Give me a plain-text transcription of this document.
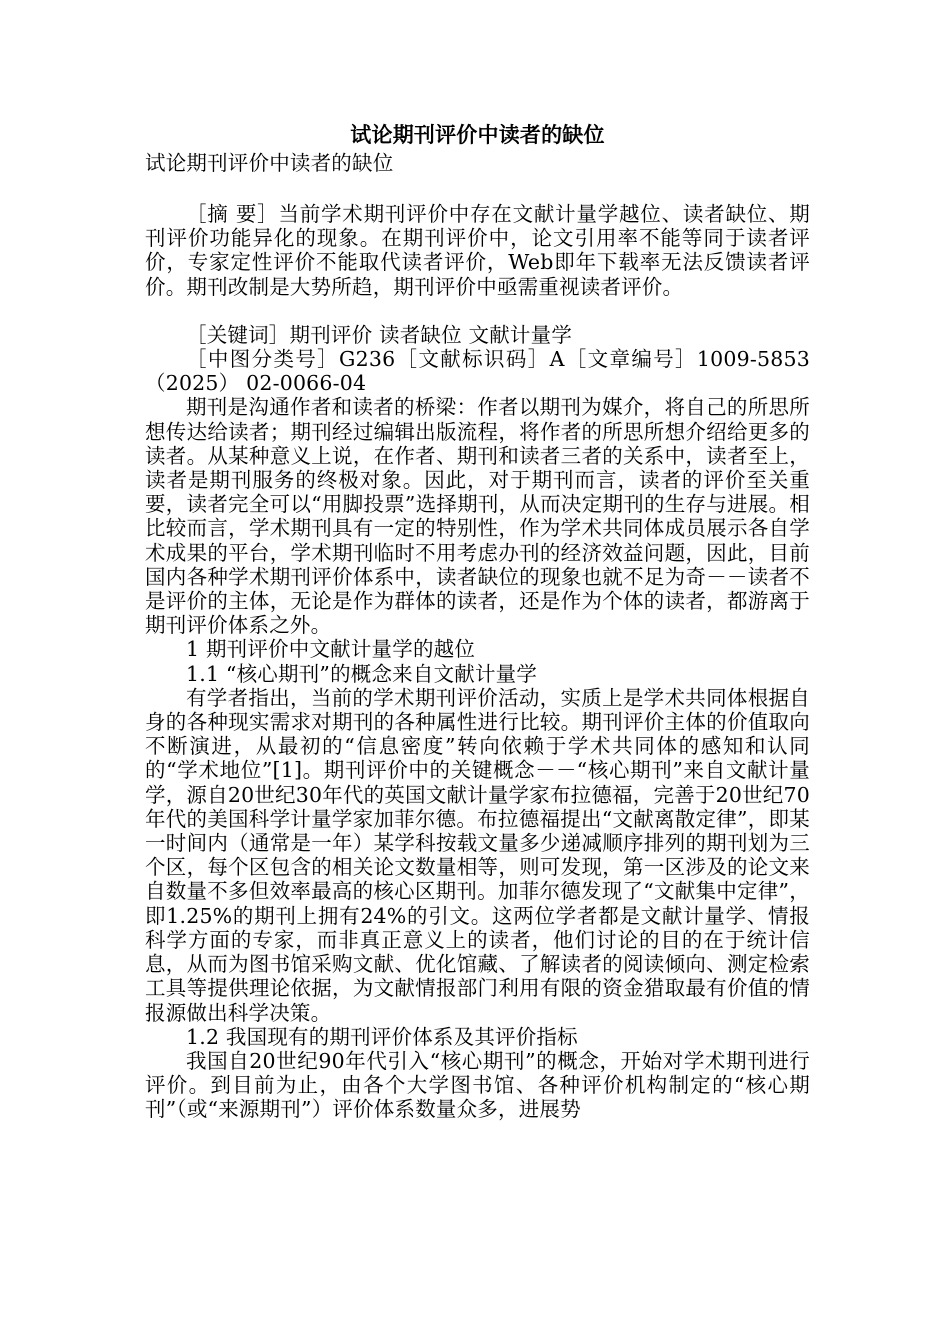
试论期刊评价中读者的缺位

试论期刊评价中读者的缺位

［摘 要］当前学术期刊评价中存在文献计量学越位、读者缺位、期刊评价功能异化的现象。在期刊评价中，论文引用率不能等同于读者评价，专家定性评价不能取代读者评价，Web即年下载率无法反馈读者评价。期刊改制是大势所趋，期刊评价中亟需重视读者评价。

［关键词］期刊评价 读者缺位 文献计量学

［中图分类号］G236［文献标识码］A［文章编号］1009-5853（2025） 02-0066-04

期刊是沟通作者和读者的桥梁：作者以期刊为媒介，将自己的所思所想传达给读者；期刊经过编辑出版流程，将作者的所思所想介绍给更多的读者。从某种意义上说，在作者、期刊和读者三者的关系中，读者至上，读者是期刊服务的终极对象。因此，对于期刊而言，读者的评价至关重要，读者完全可以“用脚投票”选择期刊，从而决定期刊的生存与进展。相比较而言，学术期刊具有一定的特别性，作为学术共同体成员展示各自学术成果的平台，学术期刊临时不用考虑办刊的经济效益问题，因此，目前国内各种学术期刊评价体系中，读者缺位的现象也就不足为奇－－读者不是评价的主体，无论是作为群体的读者，还是作为个体的读者，都游离于期刊评价体系之外。

1 期刊评价中文献计量学的越位

1.1 “核心期刊”的概念来自文献计量学

有学者指出，当前的学术期刊评价活动，实质上是学术共同体根据自身的各种现实需求对期刊的各种属性进行比较。期刊评价主体的价值取向不断演进，从最初的“信息密度”转向依赖于学术共同体的感知和认同的“学术地位”[1]。期刊评价中的关键概念－－“核心期刊”来自文献计量学，源自20世纪30年代的英国文献计量学家布拉德福，完善于20世纪70年代的美国科学计量学家加菲尔德。布拉德福提出“文献离散定律”，即某一时间内（通常是一年）某学科按载文量多少递减顺序排列的期刊划为三个区，每个区包含的相关论文数量相等，则可发现，第一区涉及的论文来自数量不多但效率最高的核心区期刊。加菲尔德发现了“文献集中定律”，即1.25%的期刊上拥有24%的引文。这两位学者都是文献计量学、情报科学方面的专家，而非真正意义上的读者，他们讨论的目的在于统计信息，从而为图书馆采购文献、优化馆藏、了解读者的阅读倾向、测定检索工具等提供理论依据，为文献情报部门利用有限的资金猎取最有价值的情报源做出科学决策。

1.2 我国现有的期刊评价体系及其评价指标

我国自20世纪90年代引入“核心期刊”的概念，开始对学术期刊进行评价。到目前为止，由各个大学图书馆、各种评价机构制定的“核心期刊”（或“来源期刊”）评价体系数量众多，进展势
